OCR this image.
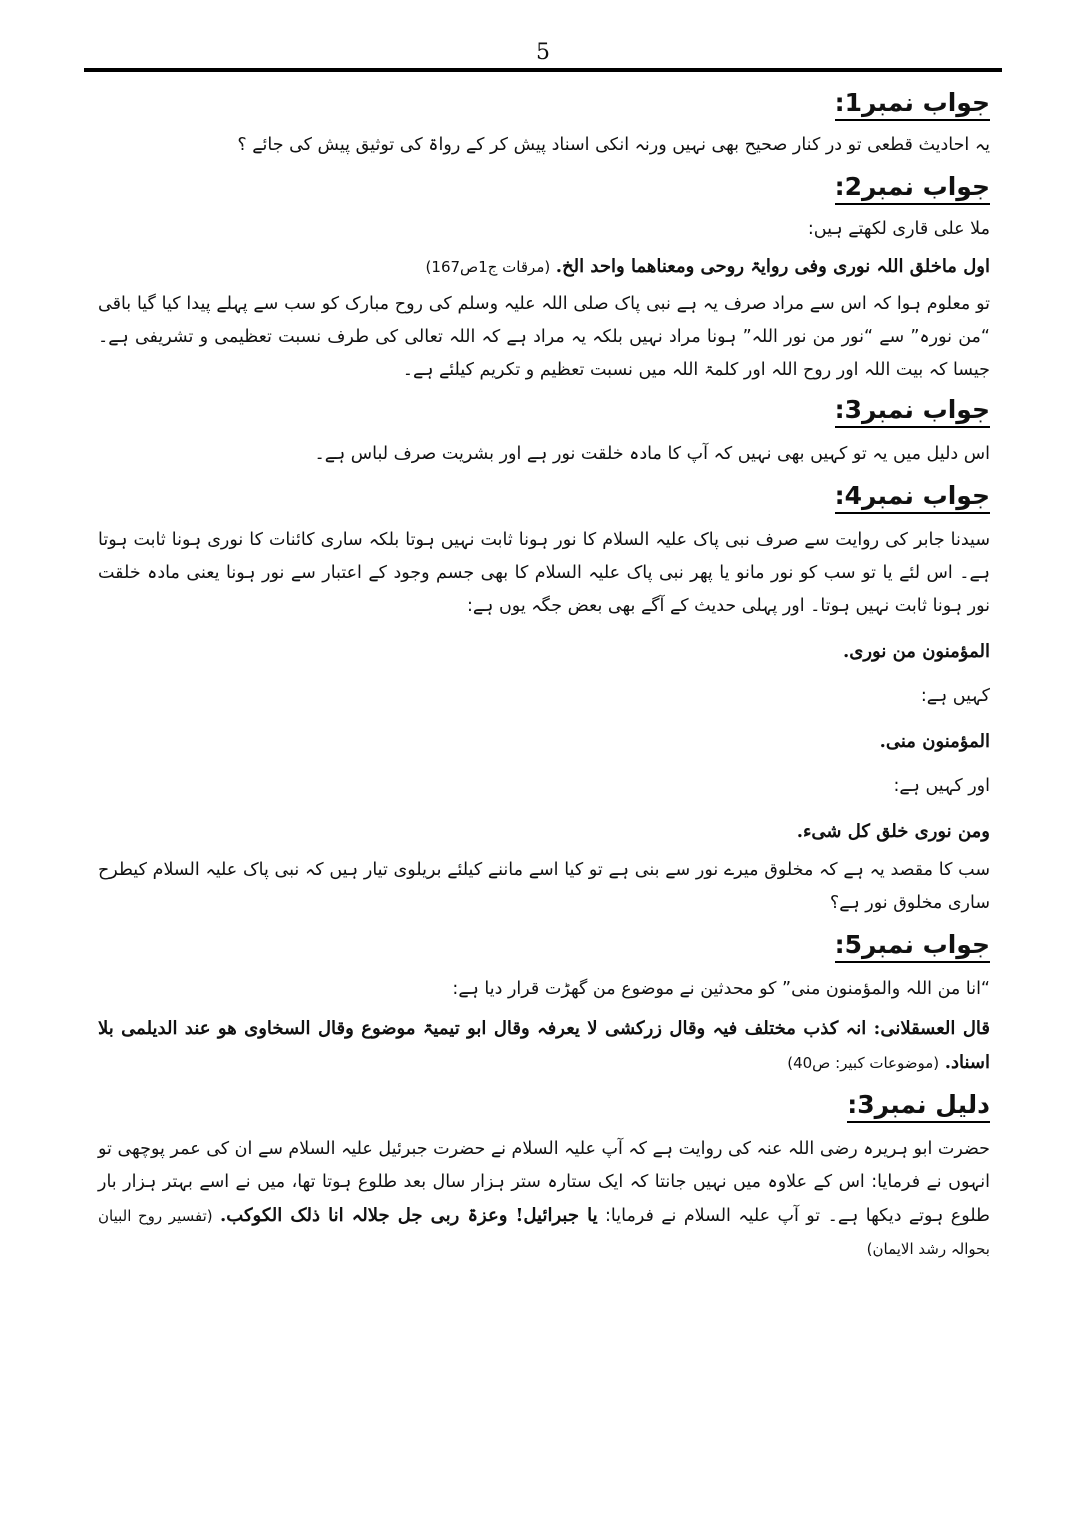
5
جواب نمبر1:

یہ احادیث قطعی تو در کنار صحیح بھی نہیں ورنہ انکی اسناد پیش کر کے رواۃ کی توثیق پیش کی جائے ؟

جواب نمبر2:

ملا علی قاری لکھتے ہیں:

اول ماخلق اللہ نوری وفی روایۃ روحی ومعناھما واحد الخ. (مرقات ج1ص167)

تو معلوم ہوا کہ اس سے مراد صرف یہ ہے نبی پاک صلی اللہ علیہ وسلم کی روح مبارک کو سب سے پہلے پیدا کیا گیا باقی “من نورہ” سے “نور من نور اللہ” ہونا مراد نہیں بلکہ یہ مراد ہے کہ اللہ تعالی کی طرف نسبت تعظیمی و تشریفی ہے۔ جیسا کہ بیت اللہ اور روح اللہ اور کلمۃ اللہ میں نسبت تعظیم و تکریم کیلئے ہے۔

جواب نمبر3:

اس دلیل میں یہ تو کہیں بھی نہیں کہ آپ کا مادہ خلقت نور ہے اور بشریت صرف لباس ہے۔

جواب نمبر4:

سیدنا جابر کی روایت سے صرف نبی پاک علیہ السلام کا نور ہونا ثابت نہیں ہوتا بلکہ ساری کائنات کا نوری ہونا ثابت ہوتا ہے۔ اس لئے یا تو سب کو نور مانو یا پھر نبی پاک علیہ السلام کا بھی جسم وجود کے اعتبار سے نور ہونا یعنی مادہ خلقت نور ہونا ثابت نہیں ہوتا۔ اور پہلی حدیث کے آگے بھی بعض جگہ یوں ہے:

المؤمنون من نوری.

کہیں ہے:

المؤمنون منی.

اور کہیں ہے:

ومن نوری خلق کل شیء.

سب کا مقصد یہ ہے کہ مخلوق میرے نور سے بنی ہے تو کیا اسے ماننے کیلئے بریلوی تیار ہیں کہ نبی پاک علیہ السلام کیطرح ساری مخلوق نور ہے؟

جواب نمبر5:

“انا من اللہ والمؤمنون منی” کو محدثین نے موضوع من گھڑت قرار دیا ہے:

قال العسقلانی: انہ کذب مختلف فیہ وقال زرکشی لا یعرفہ وقال ابو تیمیۃ موضوع وقال السخاوی ھو عند الدیلمی بلا اسناد. (موضوعات کبیر: ص40)

دلیل نمبر3:

حضرت ابو ہریرہ رضی اللہ عنہ کی روایت ہے کہ آپ علیہ السلام نے حضرت جبرئیل علیہ السلام سے ان کی عمر پوچھی تو انہوں نے فرمایا: اس کے علاوہ میں نہیں جانتا کہ ایک ستارہ ستر ہزار سال بعد طلوع ہوتا تھا، میں نے اسے بہتر ہزار بار طلوع ہوتے دیکھا ہے۔ تو آپ علیہ السلام نے فرمایا: یا جبرائیل! وعزۃ ربی جل جلالہ انا ذلک الکوکب. (تفسیر روح البیان بحوالہ رشد الایمان)
